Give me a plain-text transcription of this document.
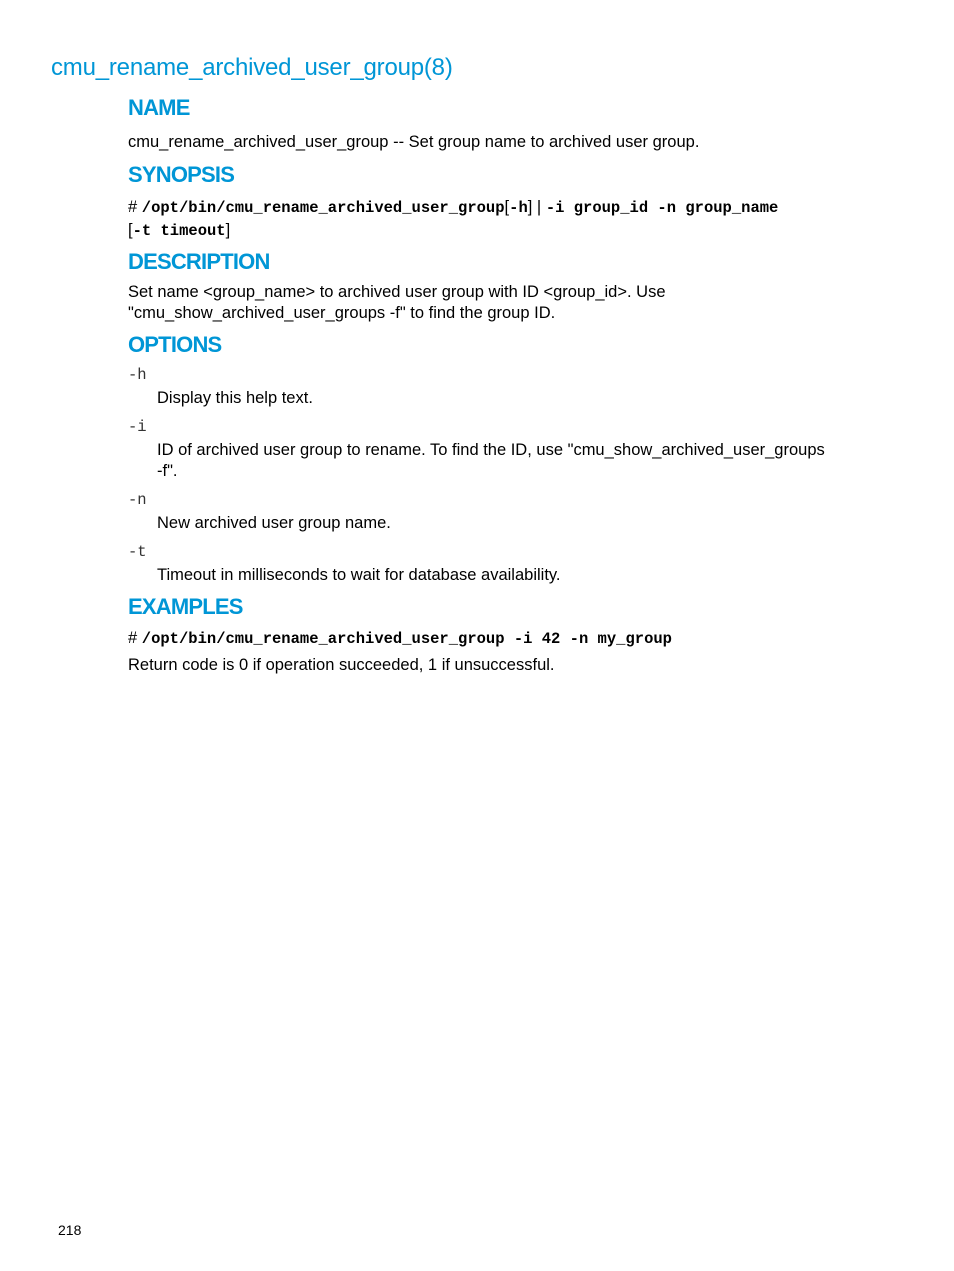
cmu_rename_archived_user_group(8)
NAME

cmu_rename_archived_user_group -- Set group name to archived user group.

SYNOPSIS

# /opt/bin/cmu_rename_archived_user_group[-h] | -i group_id -n group_name
[-t timeout]

DESCRIPTION

Set name <group_name> to archived user group with ID <group_id>. Use

"cmu_show_archived_user_groups -f" to find the group ID.

OPTIONS

-h

Display this help text.

-i

ID of archived user group to rename. To find the ID, use "cmu_show_archived_user_groups

-f".

-n

New archived user group name.

-t

Timeout in milliseconds to wait for database availability.

EXAMPLES

# /opt/bin/cmu_rename_archived_user_group -i 42 -n my_group

Return code is 0 if operation succeeded, 1 if unsuccessful.

218
